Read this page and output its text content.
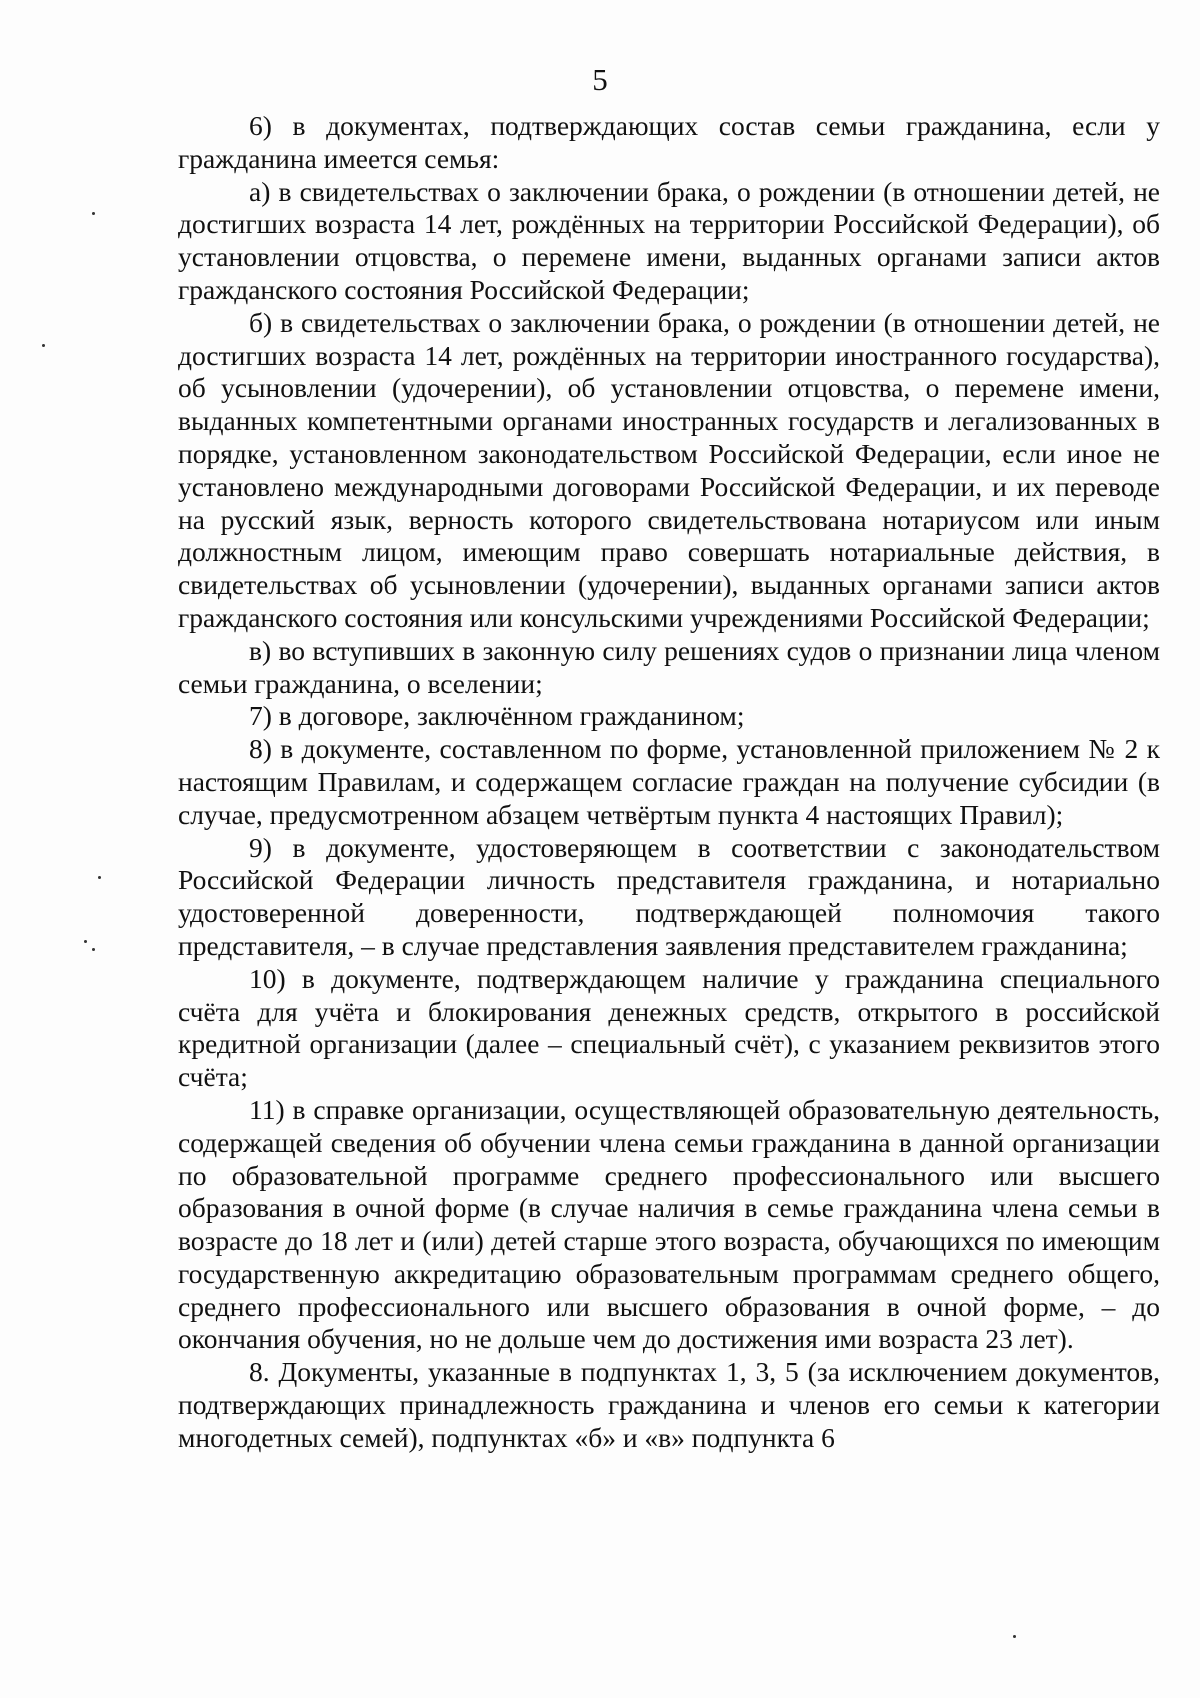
5

6) в документах, подтверждающих состав семьи гражданина, если у гражданина имеется семья:

а) в свидетельствах о заключении брака, о рождении (в отношении детей, не достигших возраста 14 лет, рождённых на территории Российской Федерации), об установлении отцовства, о перемене имени, выданных органами записи актов гражданского состояния Российской Федерации;

б) в свидетельствах о заключении брака, о рождении (в отношении детей, не достигших возраста 14 лет, рождённых на территории иностранного государства), об усыновлении (удочерении), об установлении отцовства, о перемене имени, выданных компетентными органами иностранных государств и легализованных в порядке, установленном законодательством Российской Федерации, если иное не установлено международными договорами Российской Федерации, и их переводе на русский язык, верность которого свидетельствована нотариусом или иным должностным лицом, имеющим право совершать нотариальные действия, в свидетельствах об усыновлении (удочерении), выданных органами записи актов гражданского состояния или консульскими учреждениями Российской Федерации;

в) во вступивших в законную силу решениях судов о признании лица членом семьи гражданина, о вселении;

7) в договоре, заключённом гражданином;

8) в документе, составленном по форме, установленной приложением № 2 к настоящим Правилам, и содержащем согласие граждан на получение субсидии (в случае, предусмотренном абзацем четвёртым пункта 4 настоящих Правил);

9) в документе, удостоверяющем в соответствии с законодательством Российской Федерации личность представителя гражданина, и нотариально удостоверенной доверенности, подтверждающей полномочия такого представителя, – в случае представления заявления представителем гражданина;

10) в документе, подтверждающем наличие у гражданина специального счёта для учёта и блокирования денежных средств, открытого в российской кредитной организации (далее – специальный счёт), с указанием реквизитов этого счёта;

11) в справке организации, осуществляющей образовательную деятельность, содержащей сведения об обучении члена семьи гражданина в данной организации по образовательной программе среднего профессионального или высшего образования в очной форме (в случае наличия в семье гражданина члена семьи в возрасте до 18 лет и (или) детей старше этого возраста, обучающихся по имеющим государственную аккредитацию образовательным программам среднего общего, среднего профессионального или высшего образования в очной форме, – до окончания обучения, но не дольше чем до достижения ими возраста 23 лет).

8. Документы, указанные в подпунктах 1, 3, 5 (за исключением документов, подтверждающих принадлежность гражданина и членов его семьи к категории многодетных семей), подпунктах «б» и «в» подпункта 6
